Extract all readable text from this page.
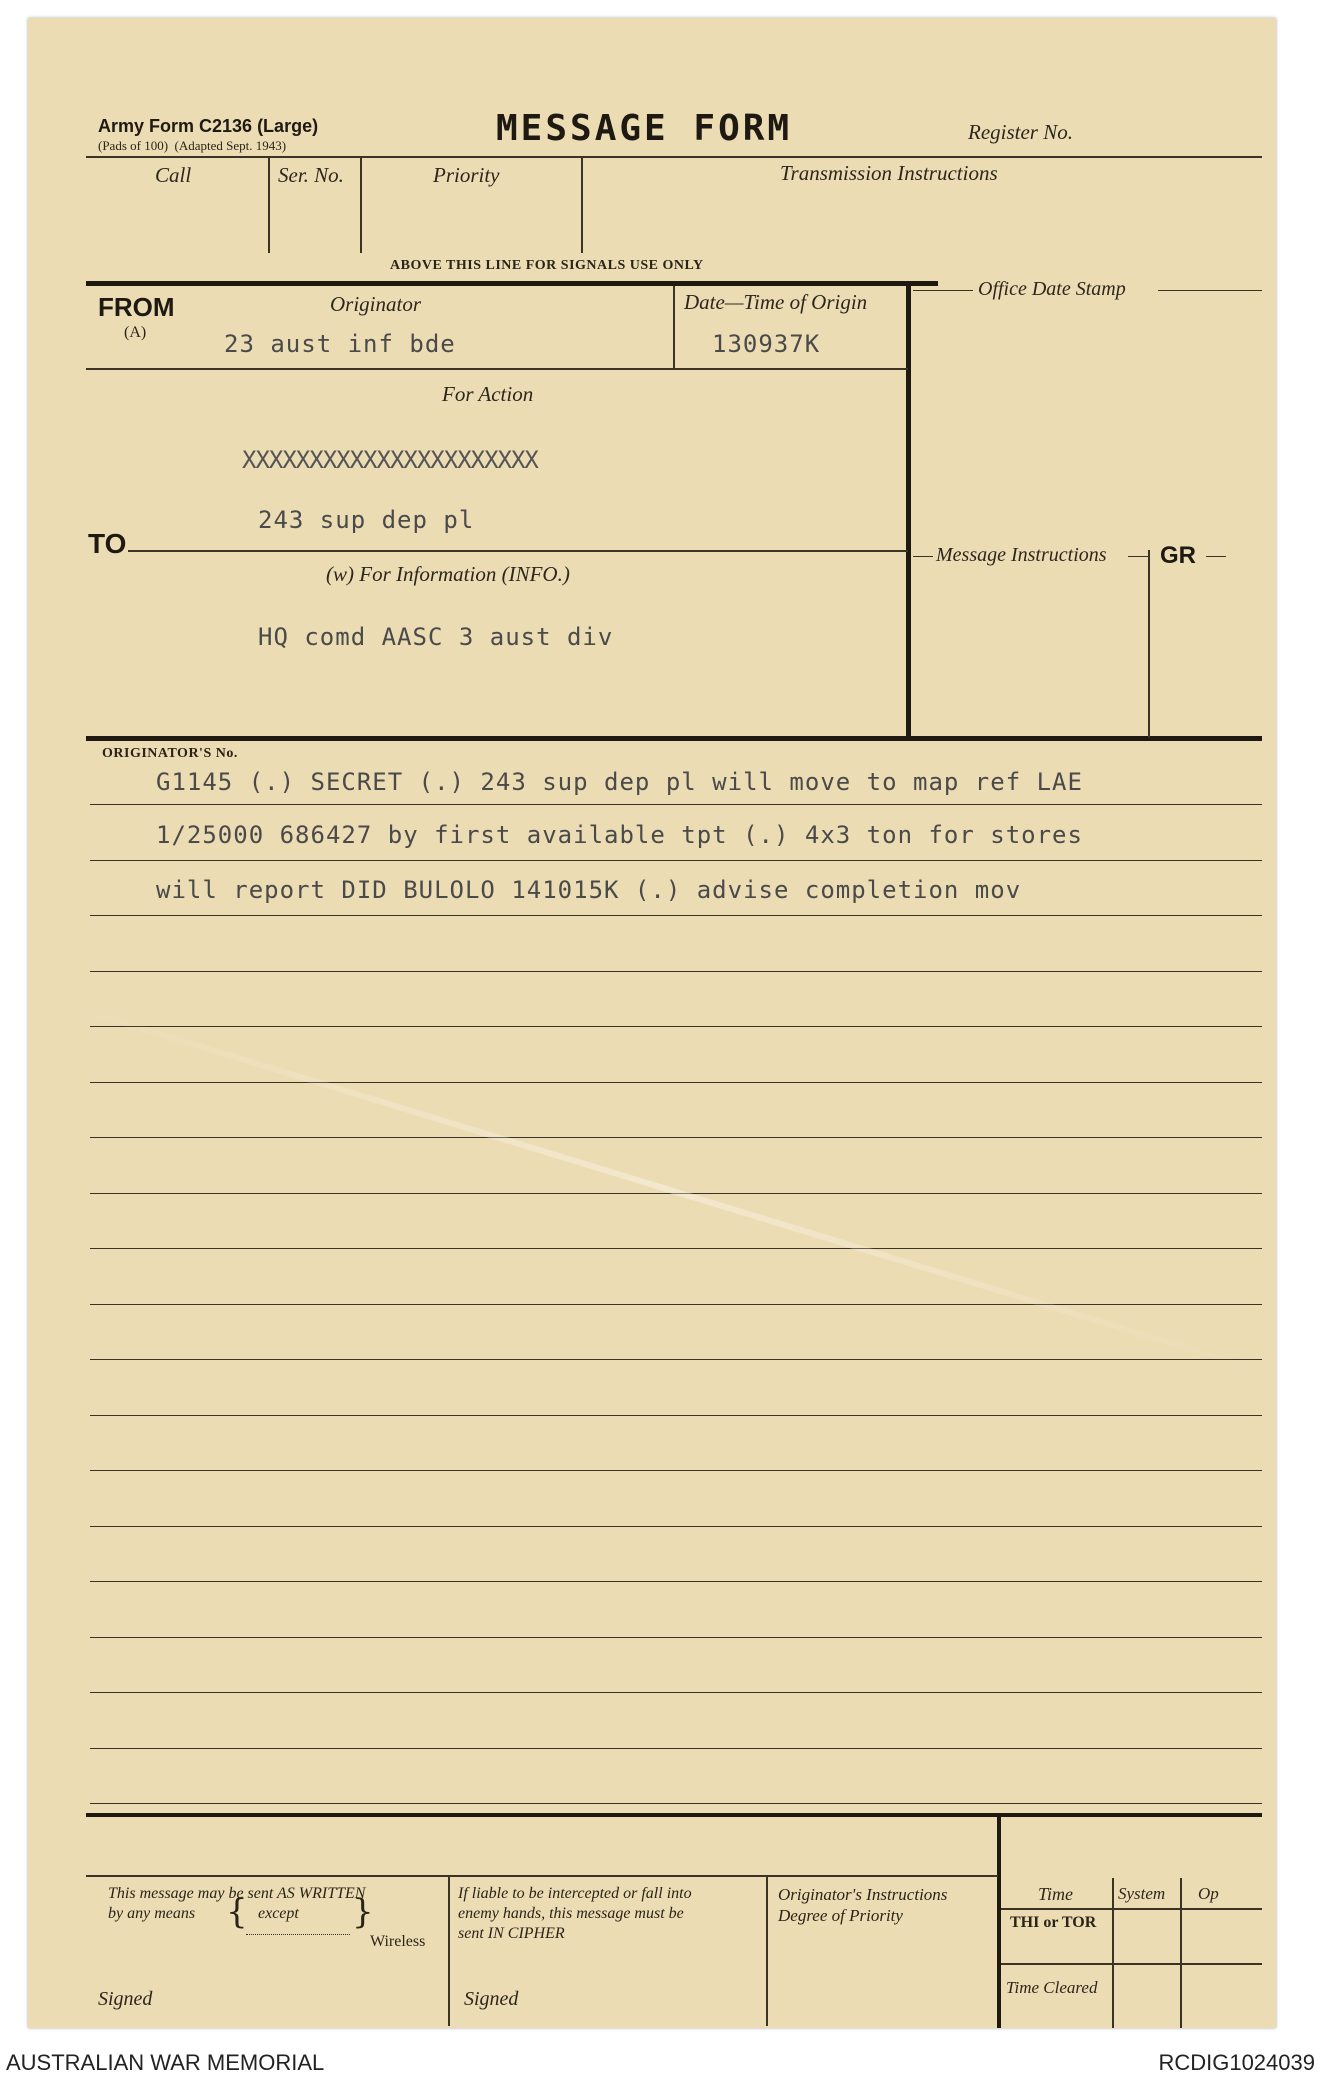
Army Form C2136 (Large)
(Pads of 100) (Adapted Sept. 1943)	MESSAGE FORM	Register No.
Call	Ser. No.	Priority	Transmission Instructions
ABOVE THIS LINE FOR SIGNALS USE ONLY
FROM
(A)
Originator
23 aust inf bde
Date—Time of Origin
130937K
For Action
XXXXXXXXXXXXXXXXXXXXXX
243 sup dep pl
TO
(w) For Information (INFO.)
HQ comd AASC 3 aust div
Office Date Stamp
Message Instructions GR
ORIGINATOR'S No.
G1145 (.) SECRET (.) 243 sup dep pl will move to map ref LAE
1/25000 686427 by first available tpt (.) 4x3 ton for stores
will report DID BULOLO 141015K (.) advise completion mov
This message may be sent AS WRITTEN
by any means { except }
Wireless
If liable to be intercepted or fall into
enemy hands, this message must be
sent IN CIPHER
Originator's Instructions
Degree of Priority
Time	System Op
THI or TOR
Time Cleared
Signed	Signed
AUSTRALIAN WAR MEMORIAL	RCDIG1024039
